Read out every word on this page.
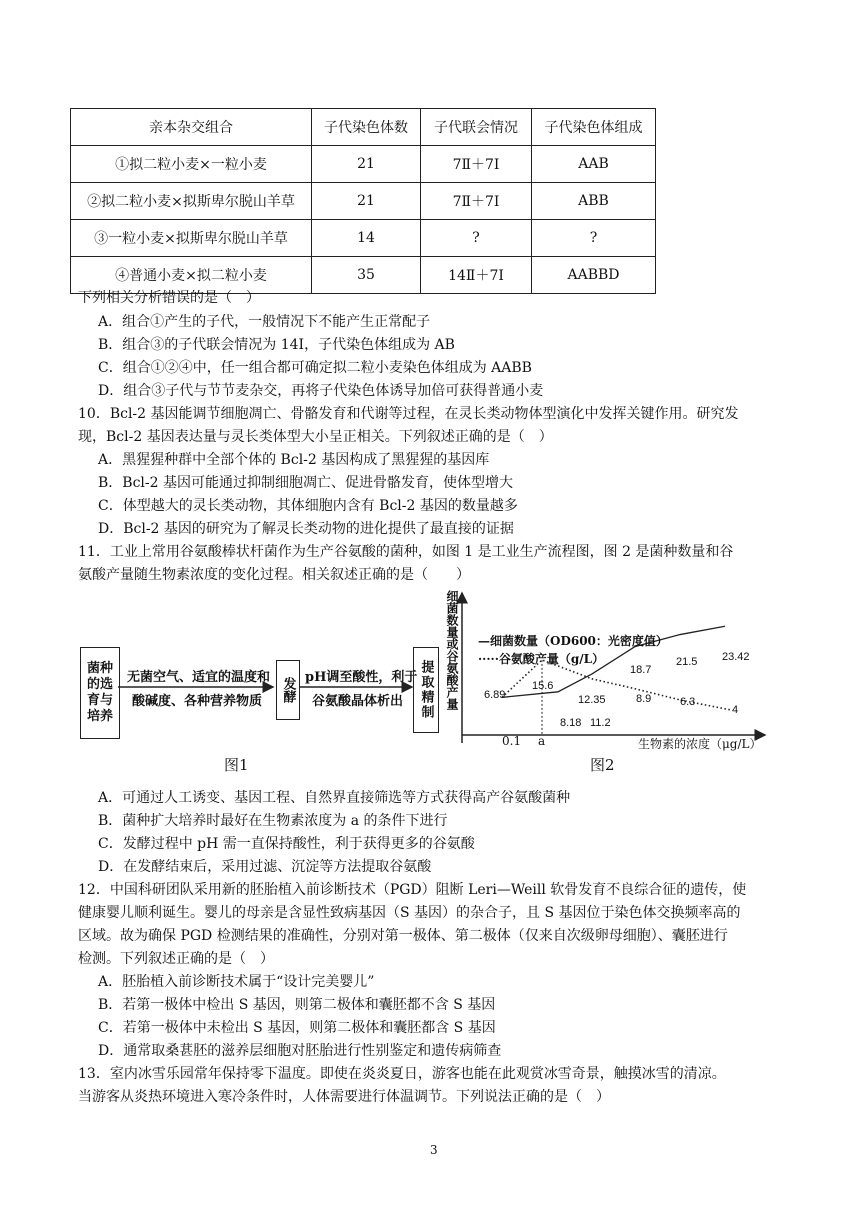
亲本杂交组合	子代染色体数	子代联会情况	子代染色体组成
①拟二粒小麦×一粒小麦	21	7Ⅱ＋7Ⅰ	AAB
②拟二粒小麦×拟斯卑尔脱山羊草	21	7Ⅱ＋7Ⅰ	ABB
③一粒小麦×拟斯卑尔脱山羊草	14	?	?
④普通小麦×拟二粒小麦	35	14Ⅱ＋7Ⅰ	AABBD
下列相关分析错误的是（　）
A．组合①产生的子代，一般情况下不能产生正常配子
B．组合③的子代联会情况为 14Ⅰ，子代染色体组成为 AB
C．组合①②④中，任一组合都可确定拟二粒小麦染色体组成为 AABB
D．组合③子代与节节麦杂交，再将子代染色体诱导加倍可获得普通小麦
10．Bcl-2 基因能调节细胞凋亡、骨骼发育和代谢等过程，在灵长类动物体型演化中发挥关键作用。研究发
现，Bcl-2 基因表达量与灵长类体型大小呈正相关。下列叙述正确的是（　）
A．黑猩猩种群中全部个体的 Bcl-2 基因构成了黑猩猩的基因库
B．Bcl-2 基因可能通过抑制细胞凋亡、促进骨骼发育，使体型增大
C．体型越大的灵长类动物，其体细胞内含有 Bcl-2 基因的数量越多
D．Bcl-2 基因的研究为了解灵长类动物的进化提供了最直接的证据
11．工业上常用谷氨酸棒状杆菌作为生产谷氨酸的菌种，如图 1 是工业生产流程图，图 2 是菌种数量和谷
氨酸产量随生物素浓度的变化过程。相关叙述正确的是（　　）
菌种的选育与培养
无菌空气、适宜的温度和
酸碱度、各种营养物质 发酵 pH调至酸性，利于
谷氨酸晶体析出 提取精制
图1
6.89
15.6
12.35
8.18 11.2
18.7
8.9
21.5
6.3
23.42
4
细菌数量或谷氨酸产量 —细菌数量（OD600：光密度值）
·····谷氨酸产量（g/L）
0.1 a	生物素的浓度（μg/L）
图2
A．可通过人工诱变、基因工程、自然界直接筛选等方式获得高产谷氨酸菌种
B．菌种扩大培养时最好在生物素浓度为 a 的条件下进行
C．发酵过程中 pH 需一直保持酸性，利于获得更多的谷氨酸
D．在发酵结束后，采用过滤、沉淀等方法提取谷氨酸
12．中国科研团队采用新的胚胎植入前诊断技术（PGD）阻断 Leri—Weill 软骨发育不良综合征的遗传，使
健康婴儿顺利诞生。婴儿的母亲是含显性致病基因（S 基因）的杂合子，且 S 基因位于染色体交换频率高的
区域。故为确保 PGD 检测结果的准确性，分别对第一极体、第二极体（仅来自次级卵母细胞）、囊胚进行
检测。下列叙述正确的是（　）
A．胚胎植入前诊断技术属于“设计完美婴儿”
B．若第一极体中检出 S 基因，则第二极体和囊胚都不含 S 基因
C．若第一极体中未检出 S 基因，则第二极体和囊胚都含 S 基因
D．通常取桑葚胚的滋养层细胞对胚胎进行性别鉴定和遗传病筛查
13．室内冰雪乐园常年保持零下温度。即使在炎炎夏日，游客也能在此观赏冰雪奇景，触摸冰雪的清凉。
当游客从炎热环境进入寒冷条件时，人体需要进行体温调节。下列说法正确的是（　）
3
